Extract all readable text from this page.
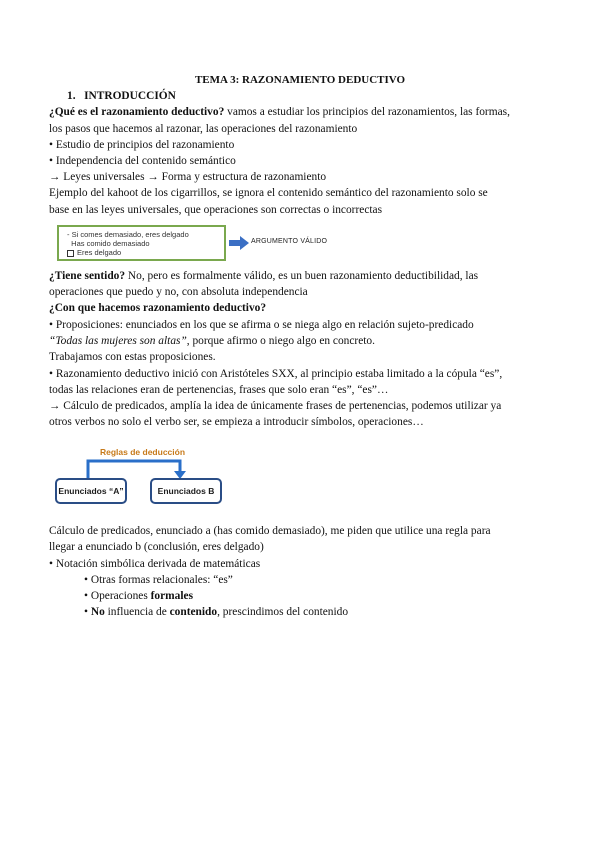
TEMA 3: RAZONAMIENTO DEDUCTIVO
1. INTRODUCCIÓN
¿Qué es el razonamiento deductivo? vamos a estudiar los principios del razonamientos, las formas,
los pasos que hacemos al razonar, las operaciones del razonamiento
• Estudio de principios del razonamiento
• Independencia del contenido semántico
→ Leyes universales → Forma y estructura de razonamiento
Ejemplo del kahoot de los cigarrillos, se ignora el contenido semántico del razonamiento solo se
base en las leyes universales, que operaciones son correctas o incorrectas
- Si comes demasiado, eres delgado
Has comido demasiado
Eres delgado
ARGUMENTO VÁLIDO
¿Tiene sentido? No, pero es formalmente válido, es un buen razonamiento deductibilidad, las
operaciones que puedo y no, con absoluta independencia
¿Con que hacemos razonamiento deductivo?
• Proposiciones: enunciados en los que se afirma o se niega algo en relación sujeto-predicado
“Todas las mujeres son altas”, porque afirmo o niego algo en concreto.
Trabajamos con estas proposiciones.
• Razonamiento deductivo inició con Aristóteles SXX, al principio estaba limitado a la cópula “es”,
todas las relaciones eran de pertenencias, frases que solo eran “es”, “es”…
→ Cálculo de predicados, amplía la idea de únicamente frases de pertenencias, podemos utilizar ya
otros verbos no solo el verbo ser, se empieza a introducir símbolos, operaciones…
Reglas de deducción
Enunciados “A”	Enunciados B
Cálculo de predicados, enunciado a (has comido demasiado), me piden que utilice una regla para
llegar a enunciado b (conclusión, eres delgado)
• Notación simbólica derivada de matemáticas
• Otras formas relacionales: “es”
• Operaciones formales
• No influencia de contenido, prescindimos del contenido
